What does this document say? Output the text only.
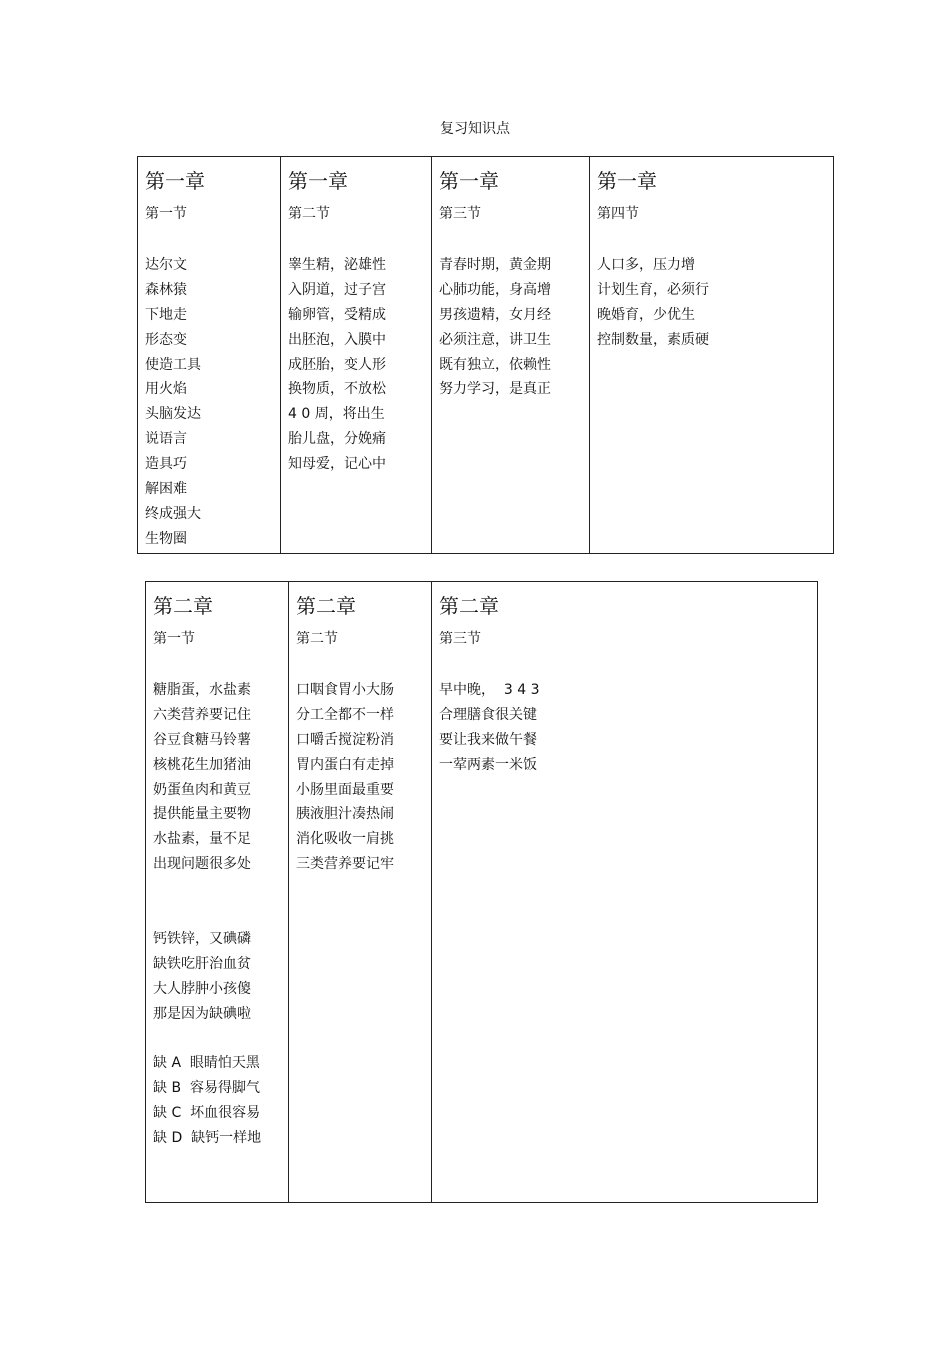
复习知识点
第一章
第一节
达尔文
森林猿
下地走
形态变
使造工具
用火焰
头脑发达
说语言
造具巧
解困难
终成强大
生物圈

第一章
第二节
睾生精，泌雄性
入阴道，过子宫
输卵管，受精成
出胚泡，入膜中
成胚胎，变人形
换物质，不放松
4 0 周，将出生
胎儿盘，分娩痛
知母爱，记心中

第一章
第三节
青春时期，黄金期
心肺功能，身高增
男孩遗精，女月经
必须注意，讲卫生
既有独立，依赖性
努力学习，是真正

第一章
第四节
人口多，压力增
计划生育，必须行
晚婚育，少优生
控制数量，素质硬
第二章
第一节
糖脂蛋，水盐素
六类营养要记住
谷豆食糖马铃薯
核桃花生加猪油
奶蛋鱼肉和黄豆
提供能量主要物
水盐素，量不足
出现问题很多处
钙铁锌，又碘磷
缺铁吃肝治血贫
大人脖肿小孩傻
那是因为缺碘啦
缺 A  眼睛怕天黑
缺 B  容易得脚气
缺 C  坏血很容易
缺 D  缺钙一样地

第二章
第二节
口咽食胃小大肠
分工全都不一样
口嚼舌搅淀粉消
胃内蛋白有走掉
小肠里面最重要
胰液胆汁凑热闹
消化吸收一肩挑
三类营养要记牢

第二章
第三节
早中晚，  3 4 3
合理膳食很关键
要让我来做午餐
一荤两素一米饭
